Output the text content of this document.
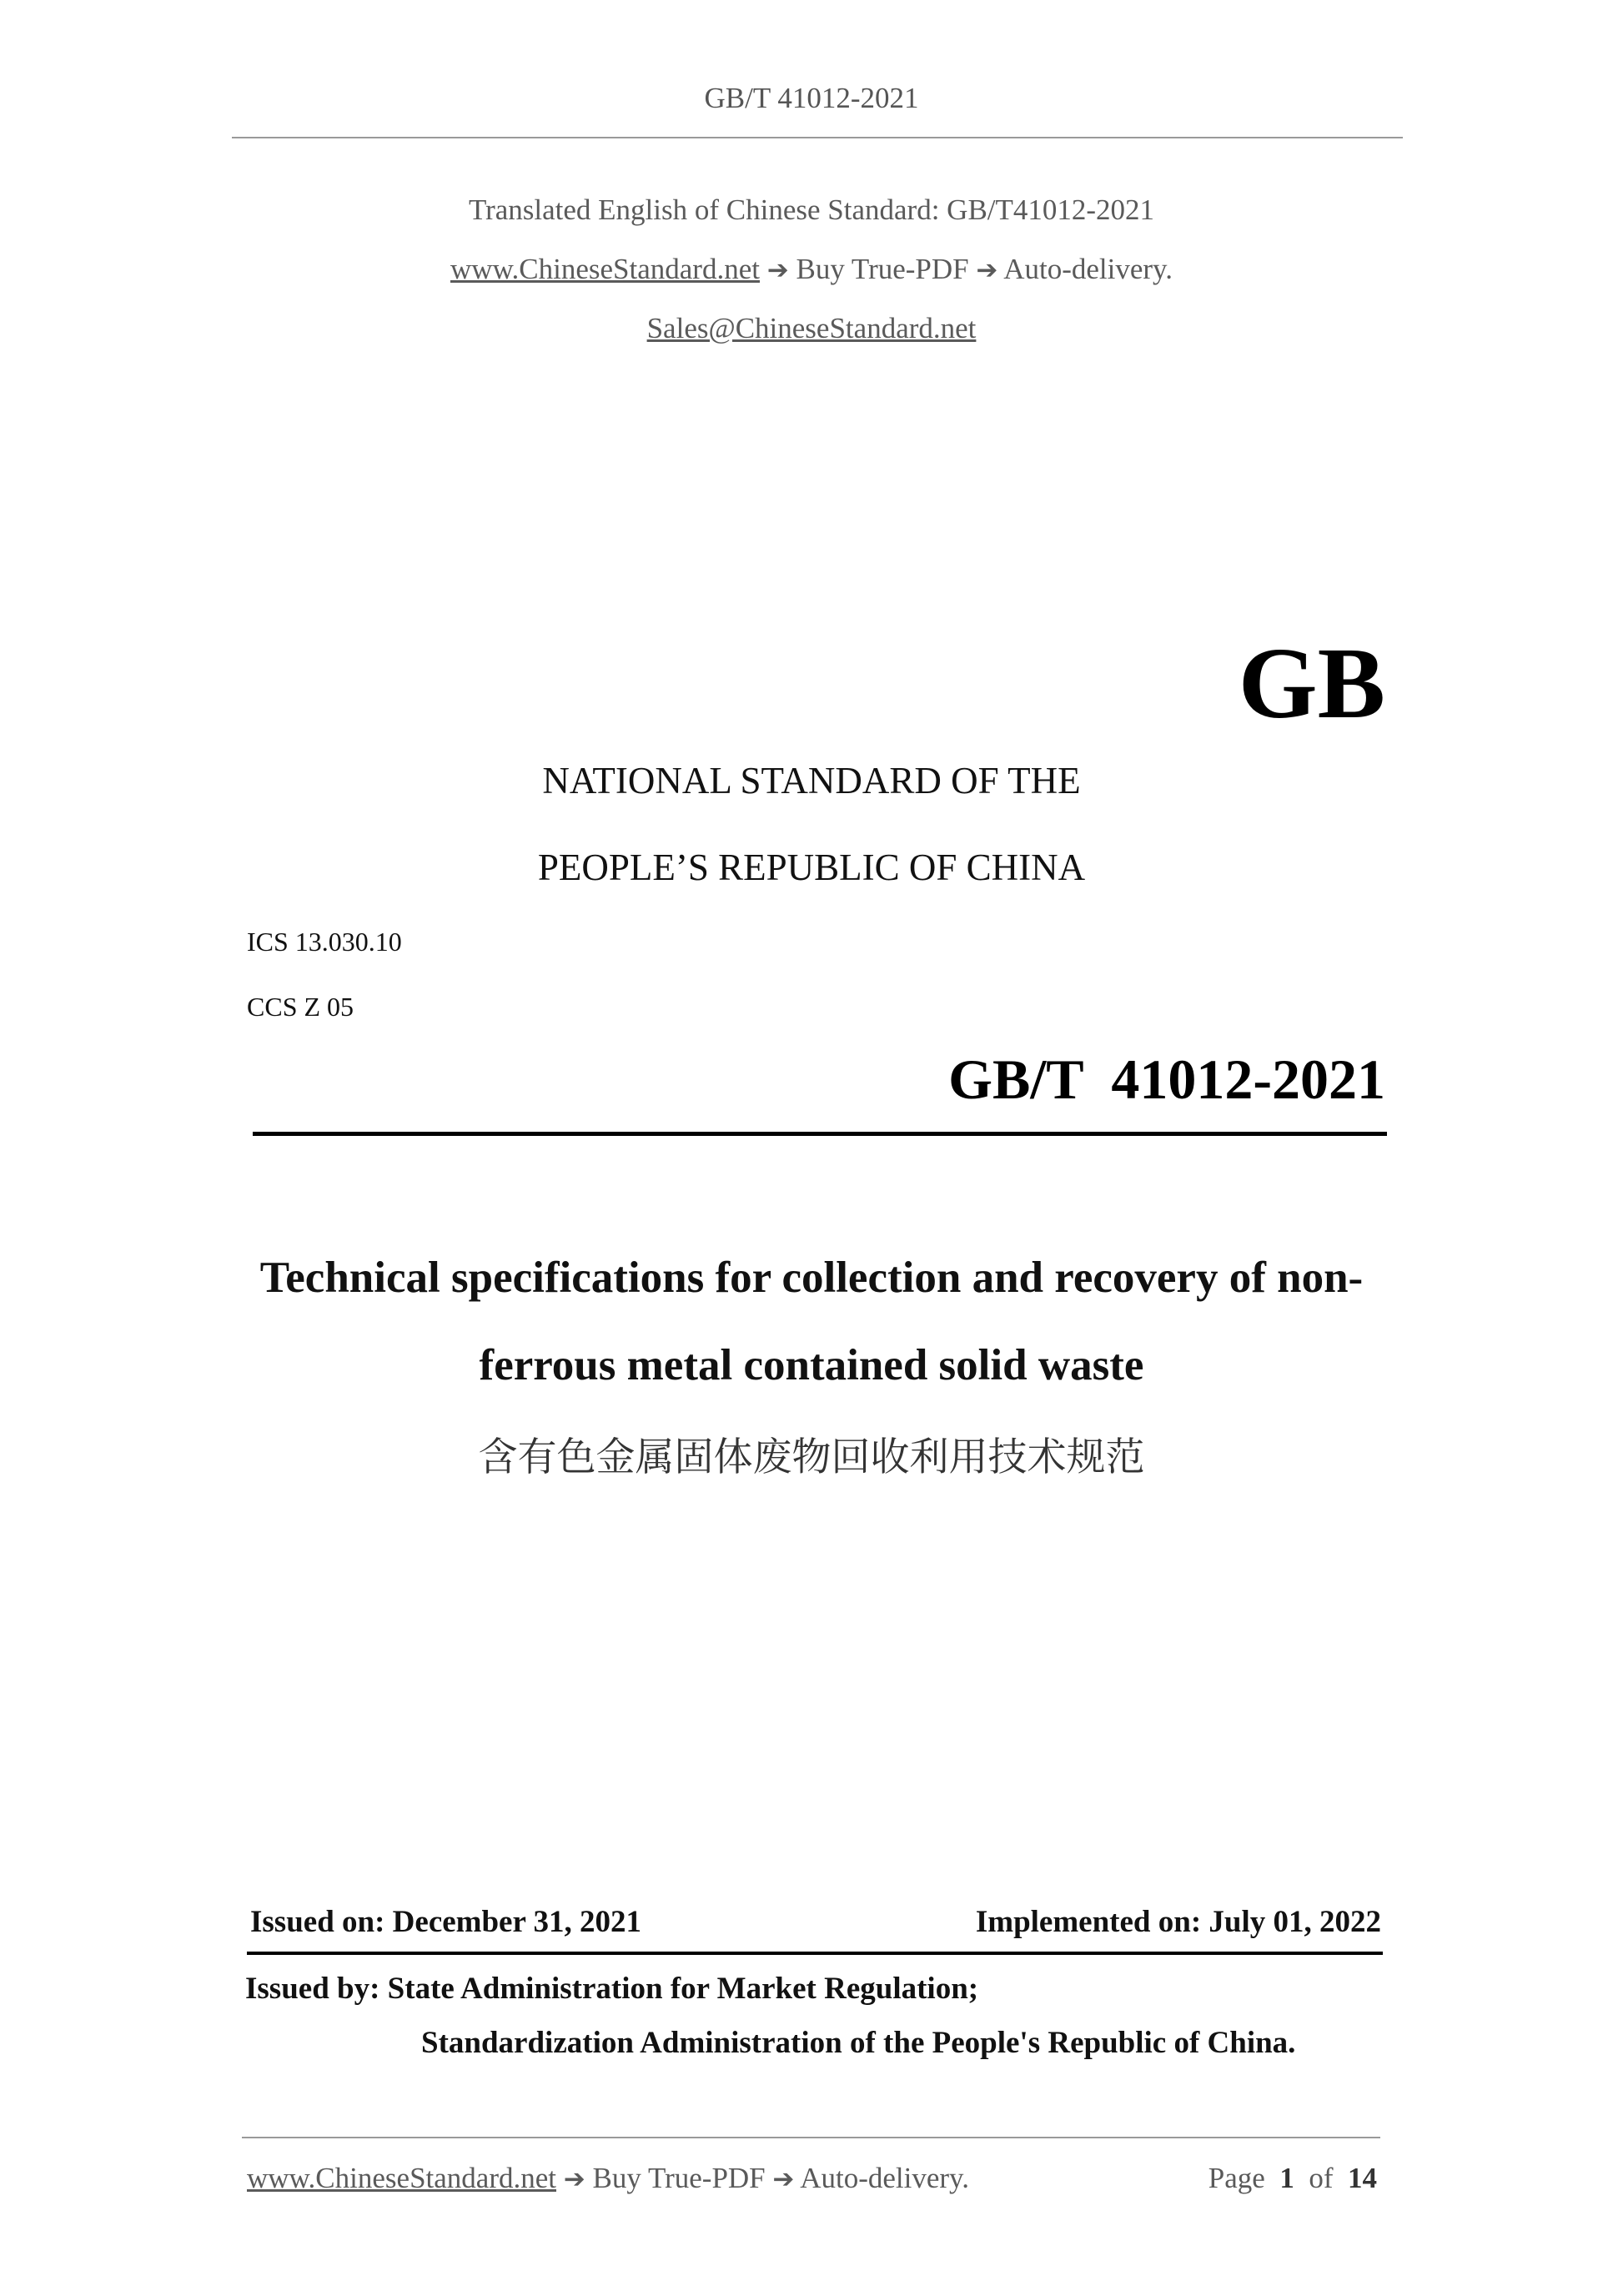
GB/T 41012-2021
Translated English of Chinese Standard: GB/T41012-2021
www.ChineseStandard.net ➔ Buy True-PDF ➔ Auto-delivery.
Sales@ChineseStandard.net
GB
NATIONAL STANDARD OF THE
PEOPLE’S REPUBLIC OF CHINA
ICS 13.030.10
CCS Z 05
GB/T  41012-2021
Technical specifications for collection and recovery of non-
ferrous metal contained solid waste
含有色金属固体废物回收利用技术规范
Issued on: December 31, 2021	Implemented on: July 01, 2022
Issued by: State Administration for Market Regulation;
Standardization Administration of the People's Republic of China.
www.ChineseStandard.net ➔ Buy True-PDF ➔ Auto-delivery.	Page 1 of 14
